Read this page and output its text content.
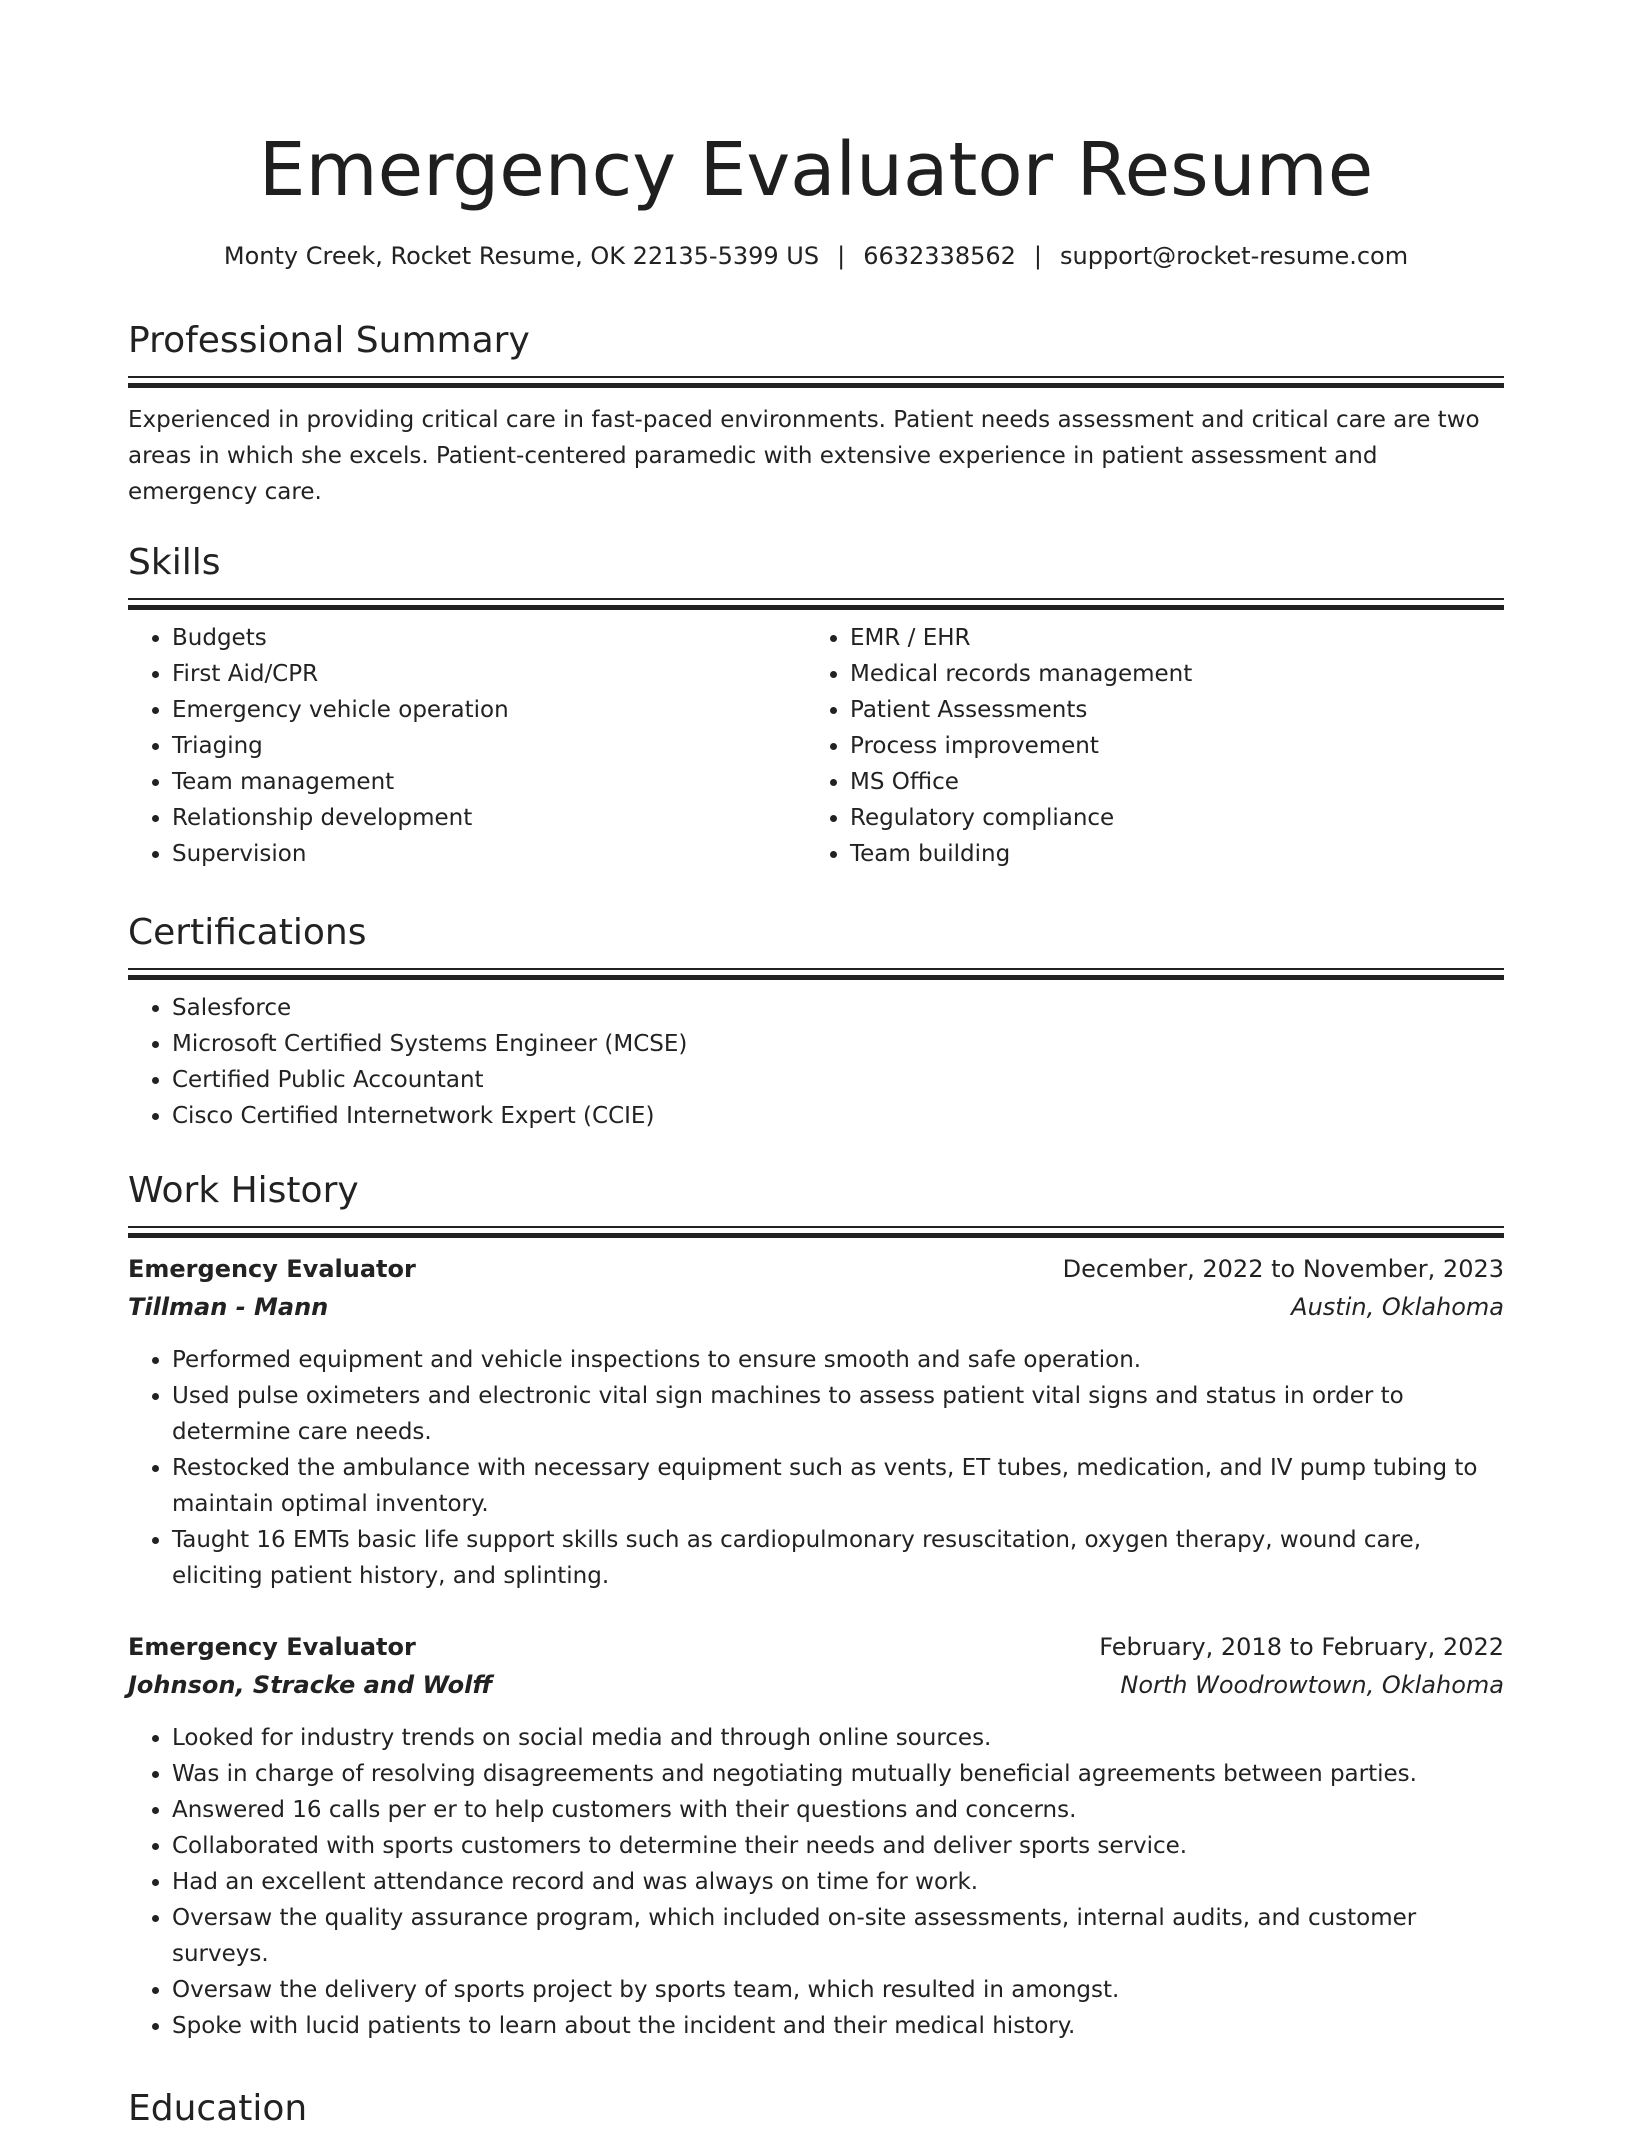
Emergency Evaluator Resume
Monty Creek, Rocket Resume, OK 22135-5399 US | 6632338562 | support@rocket-resume.com
Professional Summary

Experienced in providing critical care in fast-paced environments. Patient needs assessment and critical care are two areas in which she excels. Patient-centered paramedic with extensive experience in patient assessment and emergency care.

Skills
• Budgets
• First Aid/CPR
• Emergency vehicle operation
• Triaging
• Team management
• Relationship development
• Supervision
• EMR / EHR
• Medical records management
• Patient Assessments
• Process improvement
• MS Office
• Regulatory compliance
• Team building
Certifications
• Salesforce
• Microsoft Certified Systems Engineer (MCSE)
• Certified Public Accountant
• Cisco Certified Internetwork Expert (CCIE)
Work History
Emergency Evaluator	December, 2022 to November, 2023
Tillman - Mann	Austin, Oklahoma
• Performed equipment and vehicle inspections to ensure smooth and safe operation.
• Used pulse oximeters and electronic vital sign machines to assess patient vital signs and status in order to determine care needs.
• Restocked the ambulance with necessary equipment such as vents, ET tubes, medication, and IV pump tubing to maintain optimal inventory.
• Taught 16 EMTs basic life support skills such as cardiopulmonary resuscitation, oxygen therapy, wound care, eliciting patient history, and splinting.
Emergency Evaluator	February, 2018 to February, 2022
Johnson, Stracke and Wolff	North Woodrowtown, Oklahoma
• Looked for industry trends on social media and through online sources.
• Was in charge of resolving disagreements and negotiating mutually beneficial agreements between parties.
• Answered 16 calls per er to help customers with their questions and concerns.
• Collaborated with sports customers to determine their needs and deliver sports service.
• Had an excellent attendance record and was always on time for work.
• Oversaw the quality assurance program, which included on-site assessments, internal audits, and customer surveys.
• Oversaw the delivery of sports project by sports team, which resulted in amongst.
• Spoke with lucid patients to learn about the incident and their medical history.
Education
